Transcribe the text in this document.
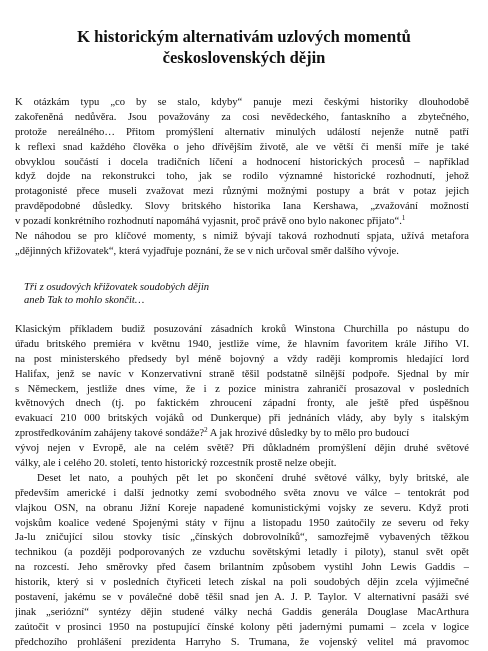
K historickým alternativám uzlových momentů
československých dějin
K otázkám typu „co by se stalo, kdyby“ panuje mezi českými historiky dlouhodobě
zakořeněná nedůvěra. Jsou považovány za cosi nevědeckého, fantaskního a zbytečného,
protože nereálného… Přitom promýšlení alternativ minulých událostí nejenže nutně patří
k reflexi snad každého člověka o jeho dřívějším životě, ale ve větší či menší míře je také
obvyklou součástí i docela tradičních líčení a hodnocení historických procesů – například
když dojde na rekonstrukci toho, jak se rodilo významné historické rozhodnutí, jehož
protagonisté přece museli zvažovat mezi různými možnými postupy a brát v potaz jejich
pravděpodobné důsledky. Slovy britského historika Iana Kershawa, „zvažování možností
v pozadí konkrétního rozhodnutí napomáhá vyjasnit, proč právě ono bylo nakonec přijato“.$^1$
Ne náhodou se pro klíčové momenty, s nimiž bývají taková rozhodnutí spjata, užívá metafora
„dějinných křižovatek“, která vyjadřuje poznání, že se v nich určoval směr dalšího vývoje.
Tři z osudových křižovatek soudobých dějin
aneb Tak to mohlo skončit…
Klasickým příkladem budiž posuzování zásadních kroků Winstona Churchilla po nástupu do
úřadu britského premiéra v květnu 1940, jestliže víme, že hlavním favoritem krále Jiřího VI.
na post ministerského předsedy byl méně bojovný a vždy raději kompromis hledající lord
Halifax, jenž se navíc v Konzervativní straně těšil podstatně silnější podpoře. Sjednal by mír
s Německem, jestliže dnes víme, že i z pozice ministra zahraničí prosazoval v posledních
květnových dnech (tj. po faktickém zhroucení západní fronty, ale ještě před úspěšnou
evakuací 210 000 britských vojáků od Dunkerque) při jednáních vlády, aby byly s italským
zprostředkováním zahájeny takové sondáže?$^2$ A jak hrozivé důsledky by to mělo pro budoucí
vývoj nejen v Evropě, ale na celém světě? Při důkladném promýšlení dějin druhé světové
války, ale i celého 20. století, tento historický rozcestník prostě nelze obejít.
Deset let nato, a pouhých pět let po skončení druhé světové války, byly britské, ale
především americké i další jednotky zemí svobodného světa znovu ve válce – tentokrát pod
vlajkou OSN, na obranu Jižní Koreje napadené komunistickými vojsky ze severu. Když proti
vojskům koalice vedené Spojenými státy v říjnu a listopadu 1950 zaútočily ze severu od řeky
Ja-lu zničující silou stovky tisíc „čínských dobrovolníků“, samozřejmě vybavených těžkou
technikou (a později podporovaných ze vzduchu sovětskými letadly i piloty), stanul svět opět
na rozcestí. Jeho směrovky před časem brilantním způsobem vystihl John Lewis Gaddis –
historik, který si v posledních čtyřiceti letech získal na poli soudobých dějin zcela výjimečné
postavení, jakému se v poválečné době těšil snad jen A. J. P. Taylor. V alternativní pasáži své
jinak „seriózní“ syntézy dějin studené války nechá Gaddis generála Douglase MacArthura
zaútočit v prosinci 1950 na postupující čínské kolony pěti jadernými pumami – zcela v logice
předchozího prohlášení prezidenta Harryho S. Trumana, že vojenský velitel má pravomoc
